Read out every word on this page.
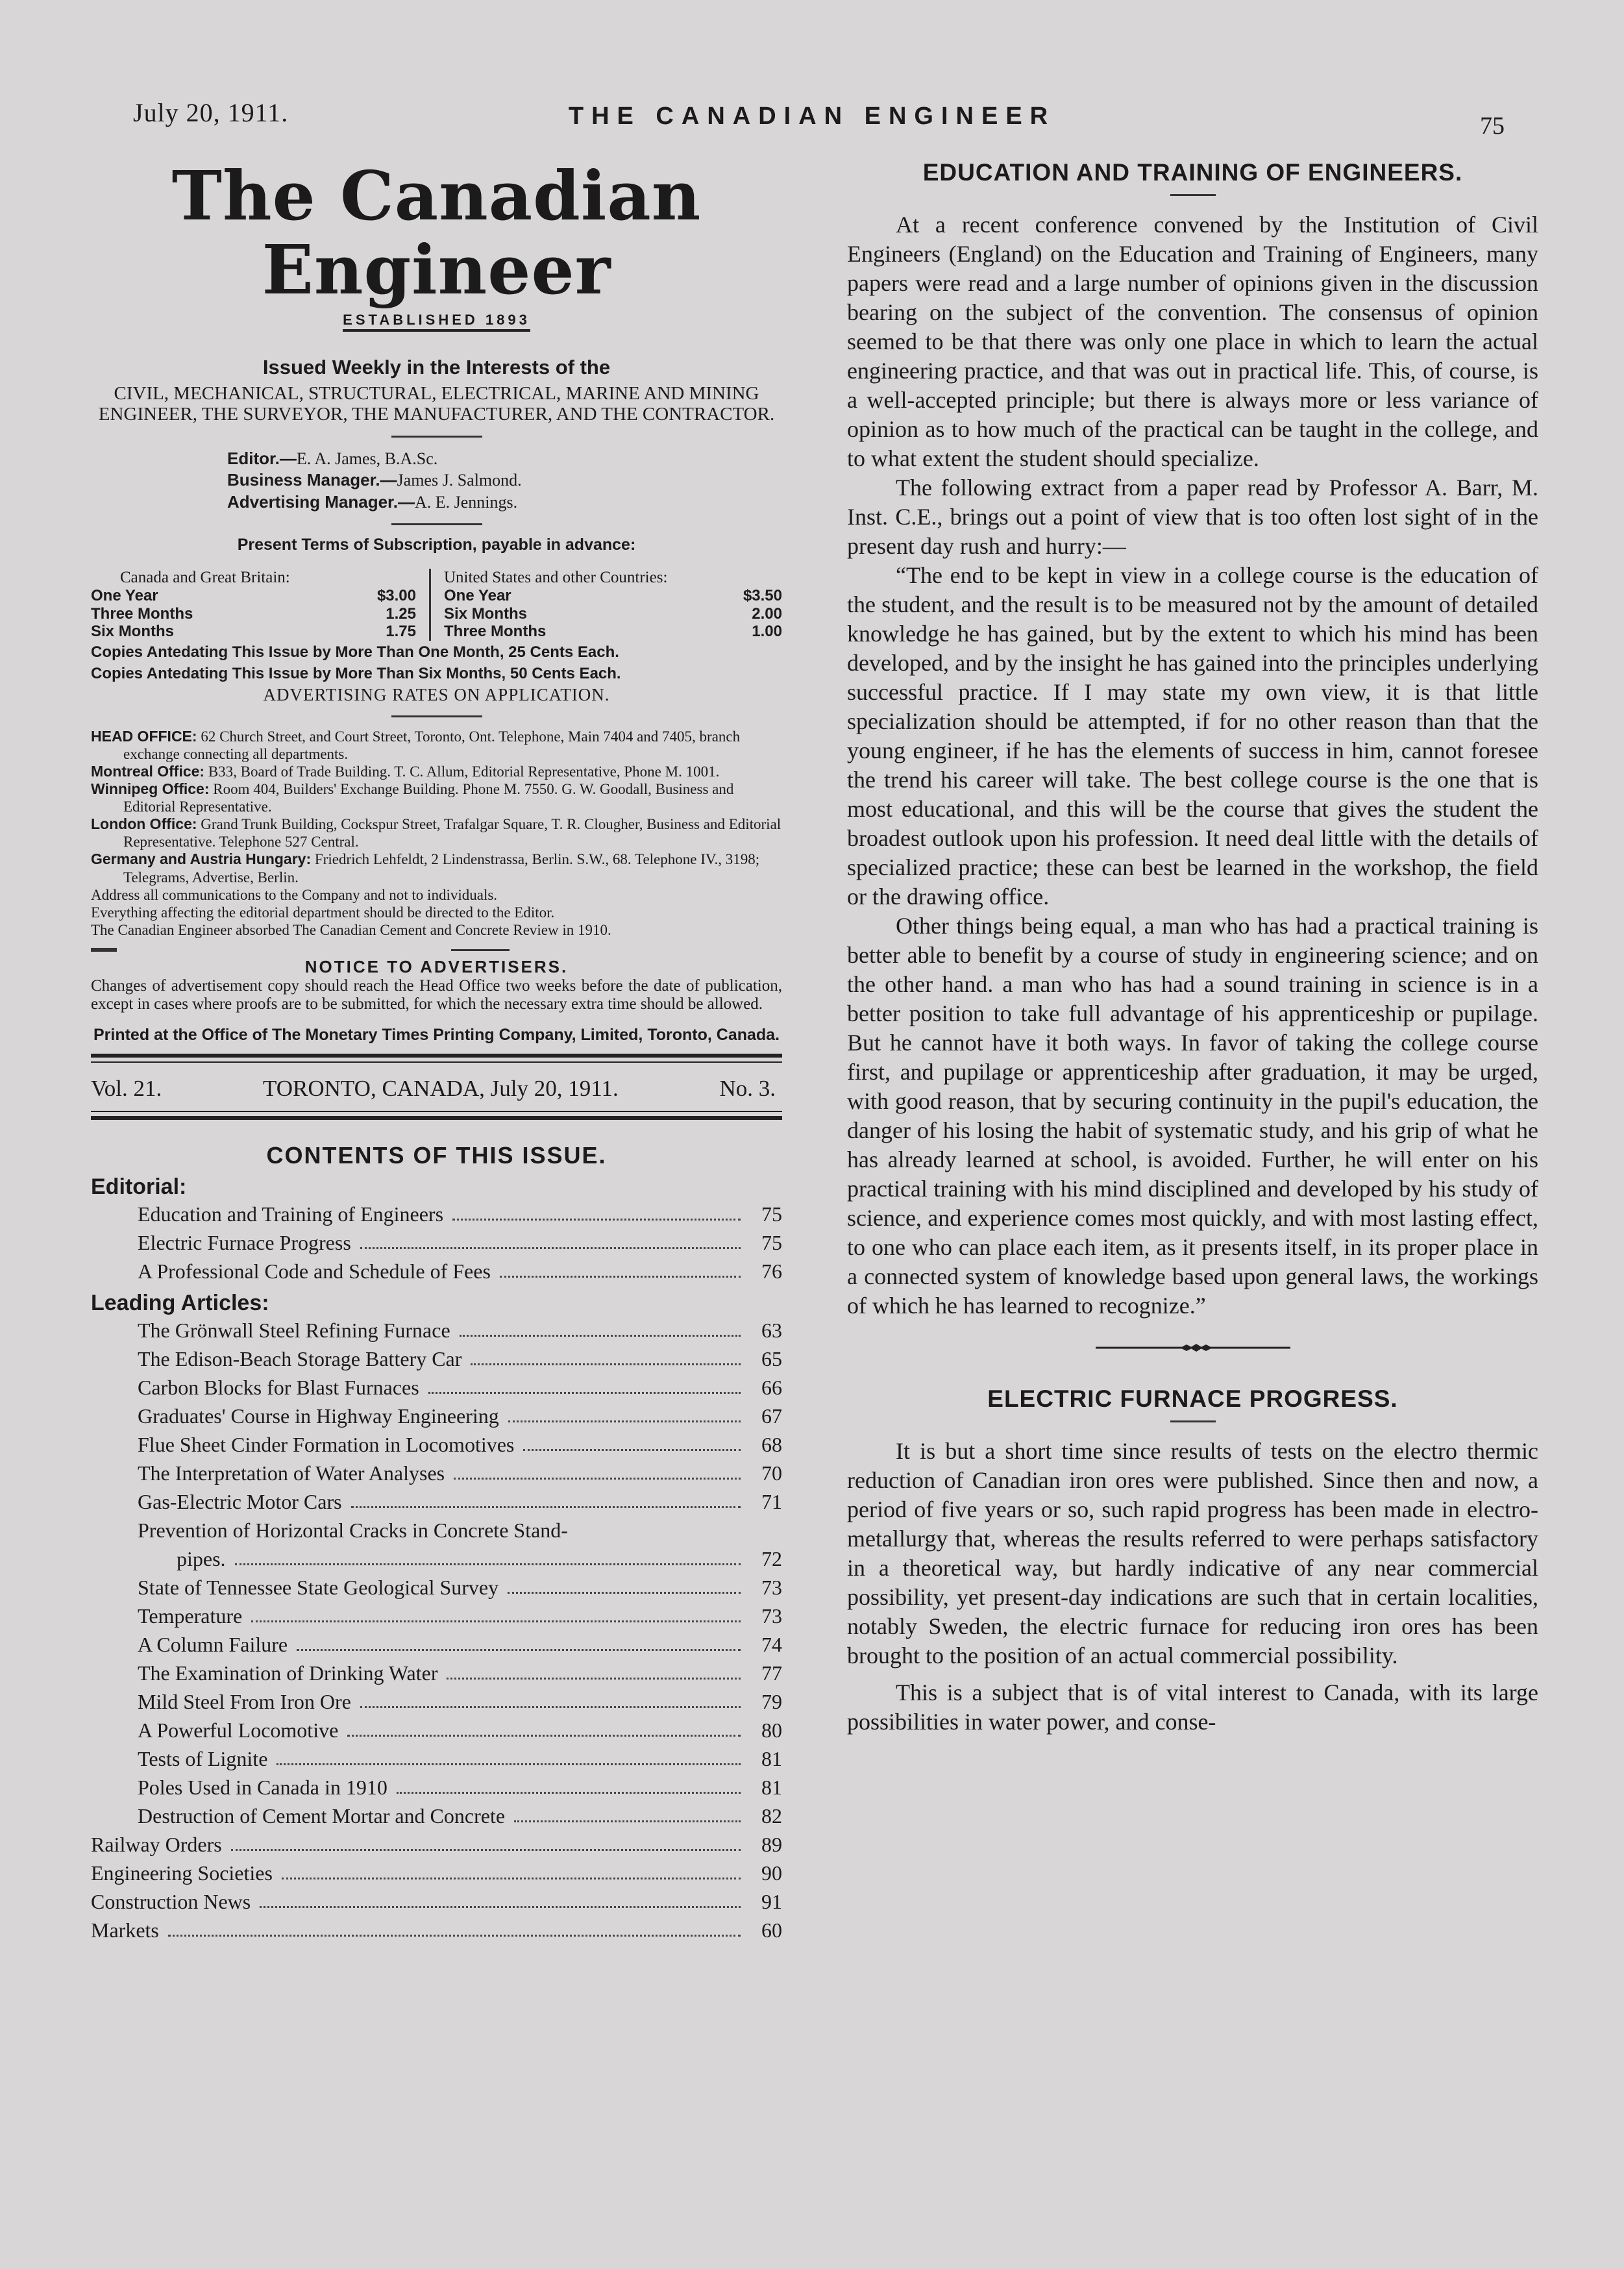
July 20, 1911.	THE CANADIAN ENGINEER	75
The Canadian Engineer
ESTABLISHED 1893
Issued Weekly in the Interests of the
CIVIL, MECHANICAL, STRUCTURAL, ELECTRICAL, MARINE AND MINING ENGINEER, THE SURVEYOR, THE MANUFACTURER, AND THE CONTRACTOR.
Editor.—E. A. James, B.A.Sc.
Business Manager.—James J. Salmond.
Advertising Manager.—A. E. Jennings.
Present Terms of Subscription, payable in advance:
Canada and Great Britain:
One Year	$3.00
Three Months	1.25
Six Months	1.75
United States and other Countries:
One Year	$3.50
Six Months	2.00
Three Months	1.00
Copies Antedating This Issue by More Than One Month, 25 Cents Each.
Copies Antedating This Issue by More Than Six Months, 50 Cents Each.
ADVERTISING RATES ON APPLICATION.

HEAD OFFICE: 62 Church Street, and Court Street, Toronto, Ont. Telephone, Main 7404 and 7405, branch exchange connecting all departments.

Montreal Office: B33, Board of Trade Building. T. C. Allum, Editorial Representative, Phone M. 1001.

Winnipeg Office: Room 404, Builders' Exchange Building. Phone M. 7550. G. W. Goodall, Business and Editorial Representative.

London Office: Grand Trunk Building, Cockspur Street, Trafalgar Square, T. R. Clougher, Business and Editorial Representative. Telephone 527 Central.

Germany and Austria Hungary: Friedrich Lehfeldt, 2 Lindenstrassa, Berlin. S.W., 68. Telephone IV., 3198; Telegrams, Advertise, Berlin.

Address all communications to the Company and not to individuals.

Everything affecting the editorial department should be directed to the Editor.

The Canadian Engineer absorbed The Canadian Cement and Concrete Review in 1910.

NOTICE TO ADVERTISERS.
Changes of advertisement copy should reach the Head Office two weeks before the date of publication, except in cases where proofs are to be submitted, for which the necessary extra time should be allowed.
Printed at the Office of The Monetary Times Printing Company, Limited, Toronto, Canada.
Vol. 21.	TORONTO, CANADA, July 20, 1911.	No. 3.
CONTENTS OF THIS ISSUE.
Editorial:
Education and Training of Engineers	75
Electric Furnace Progress	75
A Professional Code and Schedule of Fees	76
Leading Articles:
The Grönwall Steel Refining Furnace	63
The Edison-Beach Storage Battery Car	65
Carbon Blocks for Blast Furnaces	66
Graduates' Course in Highway Engineering	67
Flue Sheet Cinder Formation in Locomotives	68
The Interpretation of Water Analyses	70
Gas-Electric Motor Cars	71
Prevention of Horizontal Cracks in Concrete Stand-
pipes.	72
State of Tennessee State Geological Survey	73
Temperature	73
A Column Failure	74
The Examination of Drinking Water	77
Mild Steel From Iron Ore	79
A Powerful Locomotive	80
Tests of Lignite	81
Poles Used in Canada in 1910	81
Destruction of Cement Mortar and Concrete	82
Railway Orders	89
Engineering Societies	90
Construction News	91
Markets	60
EDUCATION AND TRAINING OF ENGINEERS.

At a recent conference convened by the Institution of Civil Engineers (England) on the Education and Training of Engineers, many papers were read and a large number of opinions given in the discussion bearing on the subject of the convention. The consensus of opinion seemed to be that there was only one place in which to learn the actual engineering practice, and that was out in practical life. This, of course, is a well-accepted principle; but there is always more or less variance of opinion as to how much of the practical can be taught in the college, and to what extent the student should specialize.

The following extract from a paper read by Professor A. Barr, M. Inst. C.E., brings out a point of view that is too often lost sight of in the present day rush and hurry:—

“The end to be kept in view in a college course is the education of the student, and the result is to be measured not by the amount of detailed knowledge he has gained, but by the extent to which his mind has been developed, and by the insight he has gained into the principles underlying successful practice. If I may state my own view, it is that little specialization should be attempted, if for no other reason than that the young engineer, if he has the elements of success in him, cannot foresee the trend his career will take. The best college course is the one that is most educational, and this will be the course that gives the student the broadest outlook upon his profession. It need deal little with the details of specialized practice; these can best be learned in the workshop, the field or the drawing office.

Other things being equal, a man who has had a practical training is better able to benefit by a course of study in engineering science; and on the other hand. a man who has had a sound training in science is in a better position to take full advantage of his apprenticeship or pupilage. But he cannot have it both ways. In favor of taking the college course first, and pupilage or apprenticeship after graduation, it may be urged, with good reason, that by securing continuity in the pupil's education, the danger of his losing the habit of systematic study, and his grip of what he has already learned at school, is avoided. Further, he will enter on his practical training with his mind disciplined and developed by his study of science, and experience comes most quickly, and with most lasting effect, to one who can place each item, as it presents itself, in its proper place in a connected system of knowledge based upon general laws, the workings of which he has learned to recognize.”

ELECTRIC FURNACE PROGRESS.

It is but a short time since results of tests on the electro thermic reduction of Canadian iron ores were published. Since then and now, a period of five years or so, such rapid progress has been made in electro-metallurgy that, whereas the results referred to were perhaps satisfactory in a theoretical way, but hardly indicative of any near commercial possibility, yet present-day indications are such that in certain localities, notably Sweden, the electric furnace for reducing iron ores has been brought to the position of an actual commercial possibility.

This is a subject that is of vital interest to Canada, with its large possibilities in water power, and conse-
